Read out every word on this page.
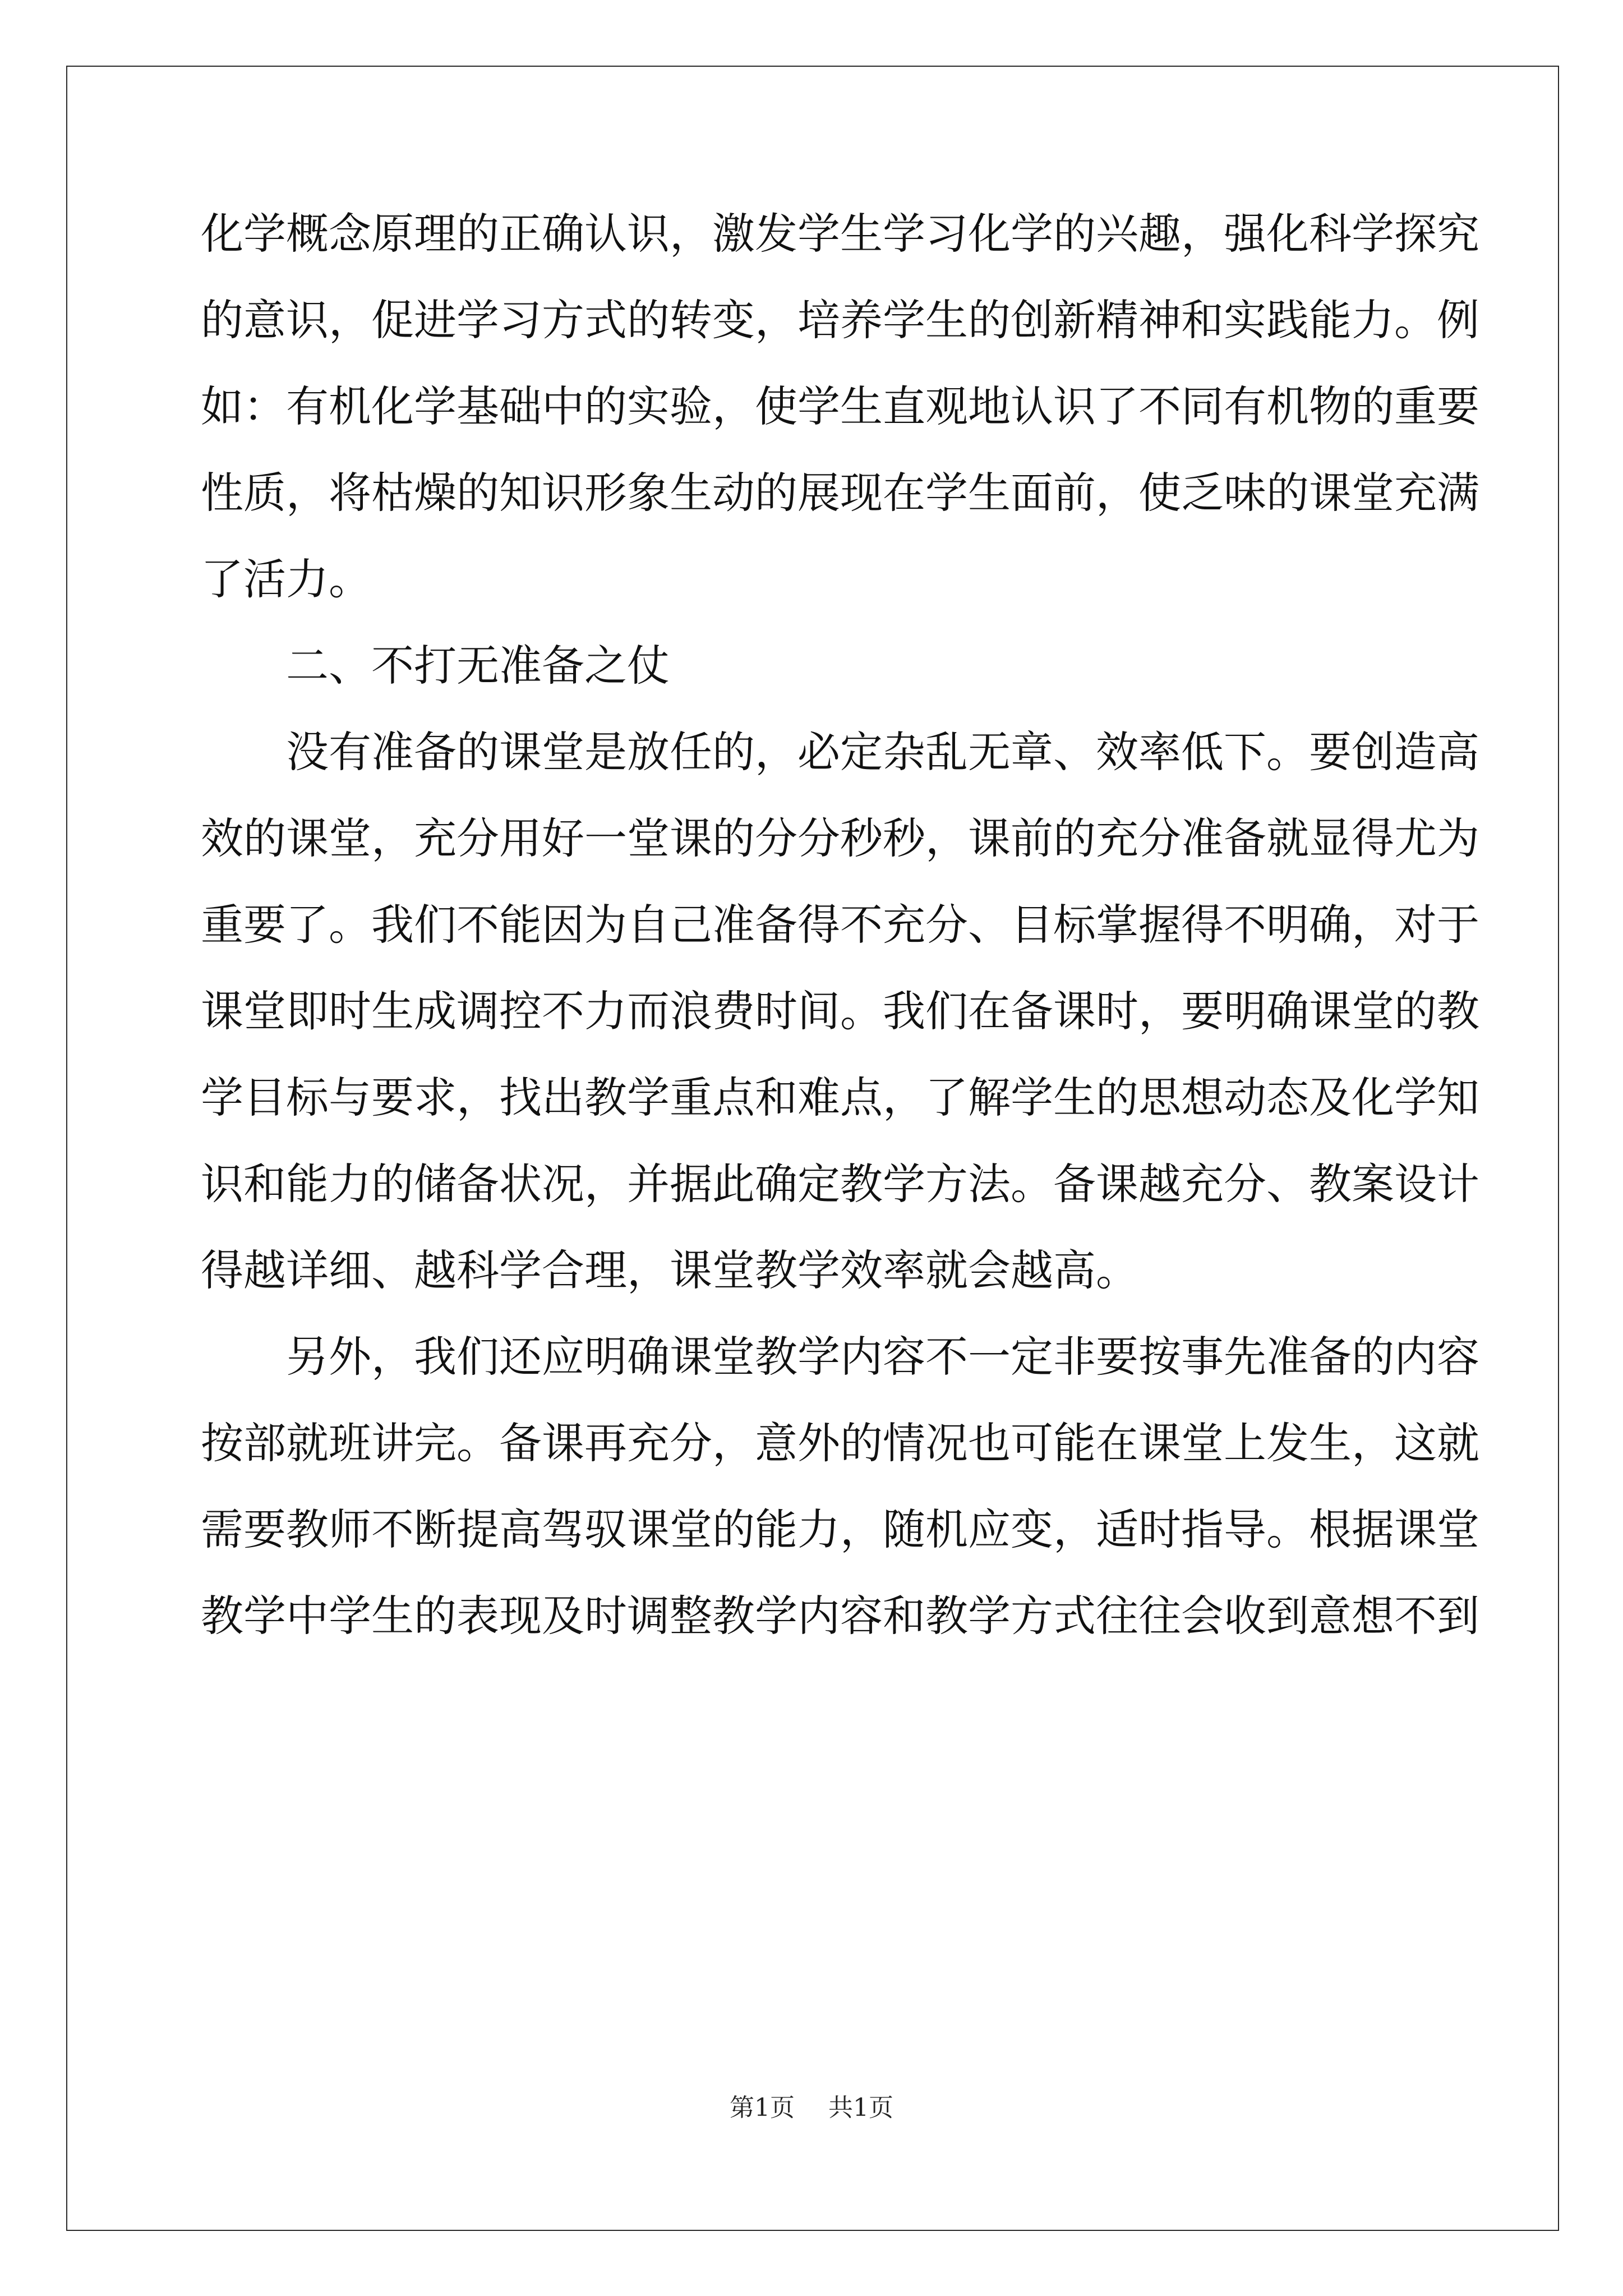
化学概念原理的正确认识，激发学生学习化学的兴趣，强化科学探究
的意识，促进学习方式的转变，培养学生的创新精神和实践能力。例
如：有机化学基础中的实验，使学生直观地认识了不同有机物的重要
性质，将枯燥的知识形象生动的展现在学生面前，使乏味的课堂充满
了活力。
二、不打无准备之仗
没有准备的课堂是放任的，必定杂乱无章、效率低下。要创造高
效的课堂，充分用好一堂课的分分秒秒，课前的充分准备就显得尤为
重要了。我们不能因为自己准备得不充分、目标掌握得不明确，对于
课堂即时生成调控不力而浪费时间。我们在备课时，要明确课堂的教
学目标与要求，找出教学重点和难点，了解学生的思想动态及化学知
识和能力的储备状况，并据此确定教学方法。备课越充分、教案设计
得越详细、越科学合理，课堂教学效率就会越高。
另外，我们还应明确课堂教学内容不一定非要按事先准备的内容
按部就班讲完。备课再充分，意外的情况也可能在课堂上发生，这就
需要教师不断提高驾驭课堂的能力，随机应变，适时指导。根据课堂
教学中学生的表现及时调整教学内容和教学方式往往会收到意想不到
第1页 共1页
